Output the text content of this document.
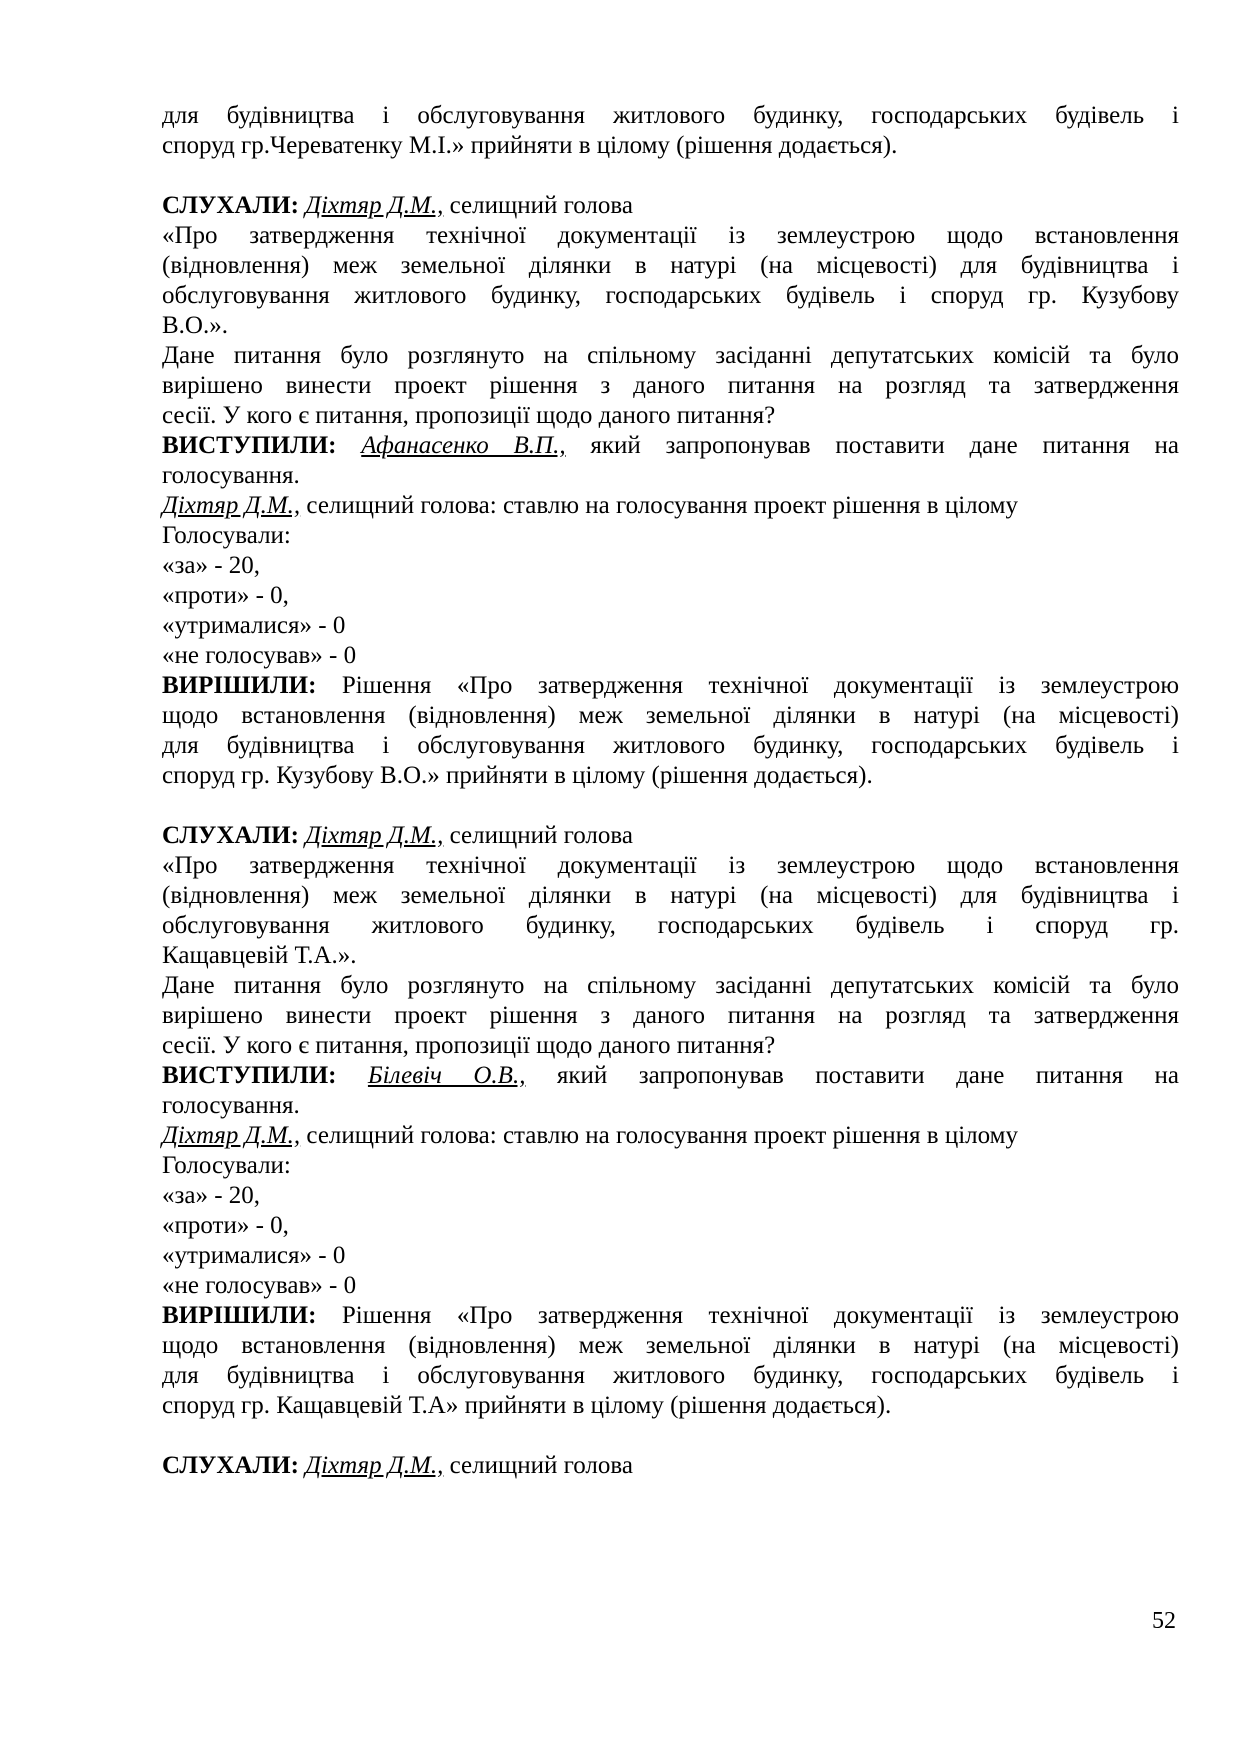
для будівництва і обслуговування житлового будинку, господарських будівель і
споруд гр.Череватенку М.І.» прийняти в цілому (рішення додається).
СЛУХАЛИ: Діхтяр Д.М., селищний голова
«Про затвердження технічної документації із землеустрою щодо встановлення
(відновлення) меж земельної ділянки в натурі (на місцевості) для будівництва і
обслуговування житлового будинку, господарських будівель і споруд гр. Кузубову
В.О.».
Дане питання було розглянуто на спільному засіданні депутатських комісій та було
вирішено винести проект рішення з даного питання на розгляд та затвердження
сесії. У кого є питання, пропозиції щодо даного питання?
ВИСТУПИЛИ: Афанасенко В.П., який запропонував поставити дане питання на
голосування.
Діхтяр Д.М., селищний голова: ставлю на голосування проект рішення в цілому
Голосували:
«за» - 20,
«проти» - 0,
«утрималися» - 0
«не голосував» - 0
ВИРІШИЛИ: Рішення «Про затвердження технічної документації із землеустрою
щодо встановлення (відновлення) меж земельної ділянки в натурі (на місцевості)
для будівництва і обслуговування житлового будинку, господарських будівель і
споруд гр. Кузубову В.О.» прийняти в цілому (рішення додається).
СЛУХАЛИ: Діхтяр Д.М., селищний голова
«Про затвердження технічної документації із землеустрою щодо встановлення
(відновлення) меж земельної ділянки в натурі (на місцевості) для будівництва і
обслуговування житлового будинку, господарських будівель і споруд гр.
Кащавцевій Т.А.».
Дане питання було розглянуто на спільному засіданні депутатських комісій та було
вирішено винести проект рішення з даного питання на розгляд та затвердження
сесії. У кого є питання, пропозиції щодо даного питання?
ВИСТУПИЛИ: Білевіч О.В., який запропонував поставити дане питання на
голосування.
Діхтяр Д.М., селищний голова: ставлю на голосування проект рішення в цілому
Голосували:
«за» - 20,
«проти» - 0,
«утрималися» - 0
«не голосував» - 0
ВИРІШИЛИ: Рішення «Про затвердження технічної документації із землеустрою
щодо встановлення (відновлення) меж земельної ділянки в натурі (на місцевості)
для будівництва і обслуговування житлового будинку, господарських будівель і
споруд гр. Кащавцевій Т.А» прийняти в цілому (рішення додається).
СЛУХАЛИ: Діхтяр Д.М., селищний голова
52
